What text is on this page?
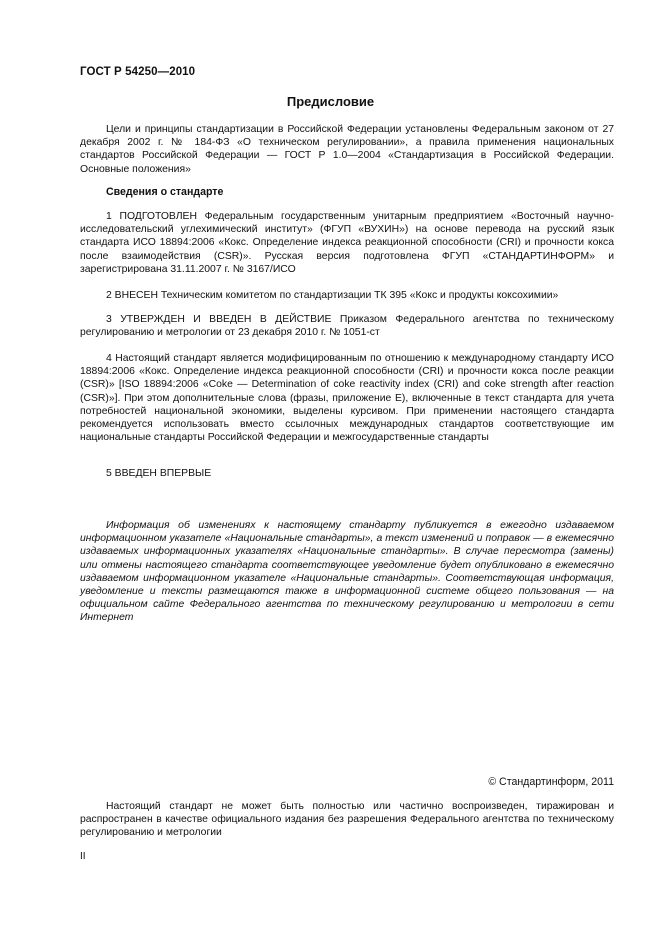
ГОСТ Р 54250—2010
Предисловие
Цели и принципы стандартизации в Российской Федерации установлены Федеральным законом от 27 декабря 2002 г. № 184-ФЗ «О техническом регулировании», а правила применения национальных стандартов Российской Федерации — ГОСТ Р 1.0—2004 «Стандартизация в Российской Федерации. Основные положения»
Сведения о стандарте
1 ПОДГОТОВЛЕН Федеральным государственным унитарным предприятием «Восточный научно-исследовательский углехимический институт» (ФГУП «ВУХИН») на основе перевода на русский язык стандарта ИСО 18894:2006 «Кокс. Определение индекса реакционной способности (CRI) и прочности кокса после взаимодействия (CSR)». Русская версия подготовлена ФГУП «СТАНДАРТИНФОРМ» и зарегистрирована 31.11.2007 г. № 3167/ИСО
2 ВНЕСЕН Техническим комитетом по стандартизации ТК 395 «Кокс и продукты коксохимии»
3 УТВЕРЖДЕН И ВВЕДЕН В ДЕЙСТВИЕ Приказом Федерального агентства по техническому регулированию и метрологии от 23 декабря 2010 г. № 1051-ст
4 Настоящий стандарт является модифицированным по отношению к международному стандарту ИСО 18894:2006 «Кокс. Определение индекса реакционной способности (CRI) и прочности кокса после реакции (CSR)» [ISO 18894:2006 «Coke — Determination of coke reactivity index (CRI) and coke strength after reaction (CSR)»]. При этом дополнительные слова (фразы, приложение Е), включенные в текст стандарта для учета потребностей национальной экономики, выделены курсивом. При применении настоящего стандарта рекомендуется использовать вместо ссылочных международных стандартов соответствующие им национальные стандарты Российской Федерации и межгосударственные стандарты
5 ВВЕДЕН ВПЕРВЫЕ
Информация об изменениях к настоящему стандарту публикуется в ежегодно издаваемом информационном указателе «Национальные стандарты», а текст изменений и поправок — в ежемесячно издаваемых информационных указателях «Национальные стандарты». В случае пересмотра (замены) или отмены настоящего стандарта соответствующее уведомление будет опубликовано в ежемесячно издаваемом информационном указателе «Национальные стандарты». Соответствующая информация, уведомление и тексты размещаются также в информационной системе общего пользования — на официальном сайте Федерального агентства по техническому регулированию и метрологии в сети Интернет
© Стандартинформ, 2011
Настоящий стандарт не может быть полностью или частично воспроизведен, тиражирован и распространен в качестве официального издания без разрешения Федерального агентства по техническому регулированию и метрологии
II
